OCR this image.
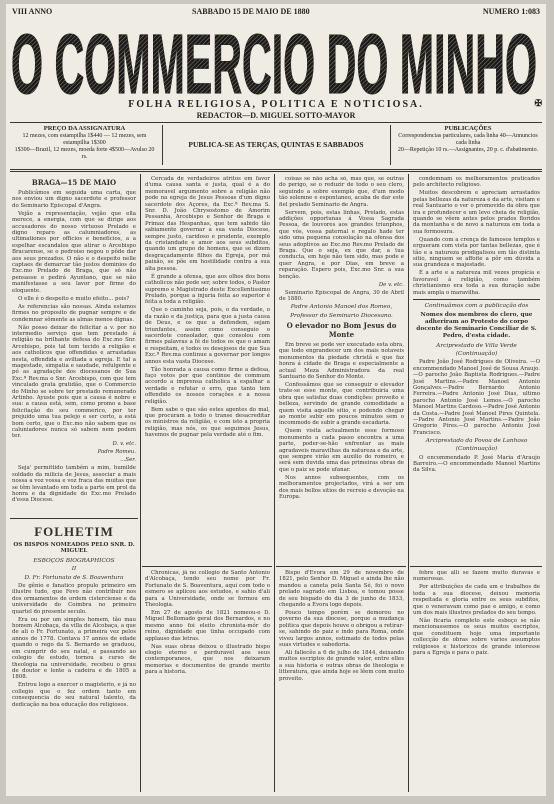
VIII ANNO	SABBADO 15 DE MAIO DE 1880	NUMERO 1:083
O COMMERCIO DO MINHO
O COMMERCIO DO MINHO
✠
FOLHA RELIGIOSA, POLITICA E NOTICIOSA.
REDACTOR—D. MIGUEL SOTTO-MAYOR
PREÇO DA ASSIGNATURA
12 mezes, com estampilha 1$440 — 12 mezes, sem estampilha 1$300
1$300—Brazil, 12 mezes, moeda forte 4$500—Avulso 20 rs.
PUBLICA-SE AS TERÇAS, QUINTAS E SABBADOS
PUBLICAÇÕES
Correspondencias particulares, cada linha 40—Annuncios cada linha
20—Repetição 10 rs.—Assignantes, 20 p. c. d'abatimento.

BRAGA—15 DE MAIO

Publicâmos em seguida uma carta, que nos enviou um digno sacerdote e professor do Seminario Episcopal d'Angra.

Vejão a representação, vejão que ella merece, a energia, com que se dirige aos accusadores do nosso virtuoso Prelado e digno reparo as calumniadores, as ultimationes por officios e benefícios, a a espelhar escandalos que atirar o Arcebispo Bracarense, se o pedroiso negou o pôde dar aos seus prezados. O não e o despeito nelle captaes de demarcar tão justos dominios do Exc.mo Prelado de Braga, que só não pensasse e pedirá Ayuntano, que se não manifestasse a seu lavor por firme do eloquente.

O elle é o despeito e muito efeito... pois?

As referencias são nossas. Ainda estamos firmes no proposito de pugnar sempre e de condemnar sômente as almas menos dignas.

Não posso deixar de felicitar a v. por no intermedio serviço que tem prestado á religião na brilhante defesa do Exc.mo Snr. Arcebispo, pois tal tem tecido a religião e aos catholicos que offendidas e arrastadas nesta, offendida e aviltada a egreja. E tal a magestade, simpatia e saudade, refulgente e pó as agradaçõe dos diocesanos de Sua Exc.ª Rev.ma o Snr. Arcebispo, com que tem vinculado grata gratidão, que o Commercio do Minho se sobre ter prestado remunerado Artinho. Ayuste pois que a causa é nobre e sua: a causa está, sem, como promo a base felicitação do seu commerico, por ter prejuido uma tua pelejo e ser certo, a está bom certo, que o Exc.mo não sabem que os caluniadores nunca só sabem nem podem ter.

D. v. etc.

Padre Romeu.

...Ser.

Seja' permittido também a mim, humilde soldado da milicia de Jesus, associar a mais nossa a voz vossa e voz fraca das muitas que se têm levantado em toda a parte em prol da honra e da dignidade do Exc.mo Prelado d'essa Diocese.

FOLHETIM

OS BISPOS NOMEADOS PELO SNR. D. MIGUEL

ESBOÇOS BIOGRAPHICOS

II

D. Fr. Fortunato de S. Boaventura

De gênio e fanatico propulo primeiro em illustre tudo, que Fevo não contribuir nos dos ormamentos de ordem cisterciense e da universidade do Coimbra no primeiro quartel do presente seculo.

Era ou por um simples homem, tão mau homem Alcobaça, da villa de Alcobaça, a que de ali o Fr. Fortunato, a primeira vez pelos annos de 1778. Contava 17 annos de edade quando o rego da S. Bernardo se graduou, em cumprir do seu natal, e passando ao colegio de estudo, tornou a curso de theologia na universidade, recebeu o grau de doutor e lente a cadeira e de 1805 a 1808.

Entrou logo a exercer o magisterio, e já no collegio que o fez ordem tanto em consequencia do seu natural talento, da dedicação na boa educação dos religiosos.

Cercada de verdadeiros atritos em favor d'uma causa santa e justa, qual é a do memoravel argumento sobre a religião não pode na egreja de Jesus Pessoas d'um digno sacerdote dos Açores, da Exc.ª Rev.ma S. Snr. D. João Chrysostomo de Amorim Pessanha, Arcebispo e Senhor de Braga e Primaz das Hespanhas, que tem sabido tão sabiamente governar a sua vasta Diocese, sempre justo, caridoso e prudente, exemplo da cristandade e amor aos seus subditos, quando um grupo de homens, que se dizem desgraçadamente filhos da Egreja, por má paixão, se põe em hostilidade contra a sua alta pessoa.

É grande a ofensa, que aos olhos dos bons catholicos não pode ser, sobre todos, o Pastor supremo e Magistrado deste Excellentissimo Prelado, porque a injuria feita ao superior é feita a toda a religião.

Que o caminho seja, pois, o da verdade, o da razão e da justiça, para que a justa causa de Deus, e os que a defendem, sejam triunfantes, assim como conseguio o sacerdote consolador, que consolou com firmes palavras a fé de todos os que o amam e respeitam, e todos os desejosos de que Sua Exc.ª Rev.ma continue a governar por longos annos esta vasta Diocese.

Tão honrada a causa como firme a defesa, faço votos por que continue de commum accordo a imprensa catholica a espalhar a verdade e refutar o erro, que tanto tem offendido os nossos corações e a nossa religião.

Bem sabe o que são estes agentes do mal, que procuram a todo o transe desacreditar os ministros da religião, e com isto a propria religião, mas nós, os que seguimos Jesus, havemos de pugnar pela verdade até o fim.

Chronicas, jã no collegio de Santo Antonio d'Alcobaça, tendo seu nome por Fr. Fortunato de S. Boaventura, aqui com todo o esmero se aplicou aos estudos, e sahio d'ali para a Universidade, onde se formou em Theologia.

Em 27 de agosto de 1821 nomeou-o D. Miguel Bellomado geral dos Bernardos, e no mesmo anno foi eleito chronista-mór do reino, dignidade que tinha occupado com applauso das letras.

Nas suas obras deixou o illustrado bispo elogio eterno e perduravel aos seus contemporaneos, que nos deixaram memorias e documentos de grande merito para a historia.

coisas se não acha só, mas que, se outras do perigo, se o reduzir de todo o seu clero, seguindo a sobre exemplo que, d'um modo tão solemne e espontaneo, acaba de dar este fiel prelado Seminario de Angra.

Servem, pois, estas linhas, Prelado, estas addições opportunas á Vossa Sagrada Pessoa, de louvores aos grandes triunphos, que vós, vossa paternal e regalo hade ter sido uma pequena consolação na ofensa dos seus adoptivos ao Exc.mo Rev.mo Prelado de Braga. Que o seja, ex que dar, a tua conducta, em hoje não tem sido, mas pode e quer Angra, e por Dias, em breve a reparação. Espero pois, Exc.mo Snr. a sua benção.

De v. etc.

Seminario Episcopal de Angra, 30 de Abril de 1880.

Padre Antonio Manoel dos Romeo,

Professor do Seminario Diocesano.

O elevador no Bom Jesus do Monte

Em breve se pode ver executado esta obra, que todo engrandecer um dos mais notaveis monumentos da piedade christã e que faz honra á cidade de Braga e especialmente a actual Meza Administradora da real Santuario do Senhor do Monte.

Confessâmos que se conseguir o elevador trate-se esse monte, que contribuiria uma obra que satisfaz duas condições: proveito e belleza, servindo de grande comodidade a quem visita aquelle sitio, e podendo chegar ao monte subir em poucos minutos sem o incommodo de subir a grande escadaria.

Quem visita actualmente esse formoso monumento a cada passo encontra a uma parte, poder-se-hão enfrentar as mais agradaveis maravilhas da natureza e da arte, que sempre virão em auxilio do romeiro, e será sem duvida uma das primeiras obras de que o paiz se pode ufanar.

Nos annos subsequentes, com os melhoramentos projectados, virá a ser um dos mais bellos sitios de recreio e devoção na Europa.

Bispo d'Evora em 29 de novembro de 1821, pelo Senhor D. Miguel e ainda lhe não mandou a caneta pela Santa Sé, foi o novo prelado sagrado em Lisboa, e tomou posse de seu bispado do dia 3 de junho de 1833, chegando a Evora logo depois.

Pouco tempo porém se demorou no governo da sua diocese, porque a mudança politica que depois houve o obrigou a retirar-se, sahindo do paiz e indo para Roma, onde viveu largos annos, estimado de todos pelas suas virtudes e sabedoria.

Ali fallecêo a 6 de julho de 1844, deixando muitos escriptos de grande valor, entre elles a sua historia e outras obras de theologia e litteratura, que ainda hoje se lêem com muito proveito.

condemnam os melhoramentos praticados pelo architecto religioso.

Muitos descobrem e apreciam arrastados pelas bellezas da natureza e da arte, visitam e real Santuario o ver o promovido da obra que ira e profundecer e um levo cheia de religião, quando se vêem antes pelos prados floridos da montanha e de novo a natureza em toda a sua formosura.

Quando com a crença de famosos templos e ergueram com vista por tantas bellezas, que é tão e a natureza prodigalisou em tão distinta sitio, ninguem se affoite a pôr em dúvida a sua grandeza e majestade.

É a arte e a natureza mil vezes propícia e favoravel á religião, como também christianismo era toda a sua duração sabe mais ampla o maravilha.

Continuâmos com a publicação dos

Nomes dos membros do clero, que adheriram ao Protesto do corpo docente do Seminario Conciliar de S. Pedro, d'esta cidade.

Arciprestado de Villa Verde

(Continuação)

Padre João José Rodrigues de Oliveira. —O encommendado Manoel José de Sousa Araujo.—O parocho João Baptista Rodrigues.—Padre José Martins.—Padre Manoel Antonio Gonçalves.—Padre Bernardo Antonio Ferreira.—Padre Antonio José Dias, ultimo parocho Antonio José Lemos.—O parocho Manoel Martins Cardoso.—Padre José Antonio da Costa.—Padre José Manoel Pires Quintela.—Padre Antonio José Martins.—Padre João Gregorio Pires.—O parocho Antonio José Francisco.

Arciprestado da Povoa de Lanhoso

(Continuação)

O encommendado P. José Maria d'Araujo Barreiro.—O encommendado Manoel Martins da Silva.

febre que allí se fazem muito duravas e numerosas.

Por attribuições de cada um e trabalhos de toda a sua diocese, deixou memoria respeitada e gloria entre os seus subditos, que o veneravam como pae e amigo, e como um dos mais illustres prelados do seu tempo.

Não ficaria completo este esboço se não mencionassemos os seus muitos escriptos, que constituem hoje uma importante collecção de obras sobre varios assumptos religiosos e historicos de grande interesse para a Egreja e para o paiz.
